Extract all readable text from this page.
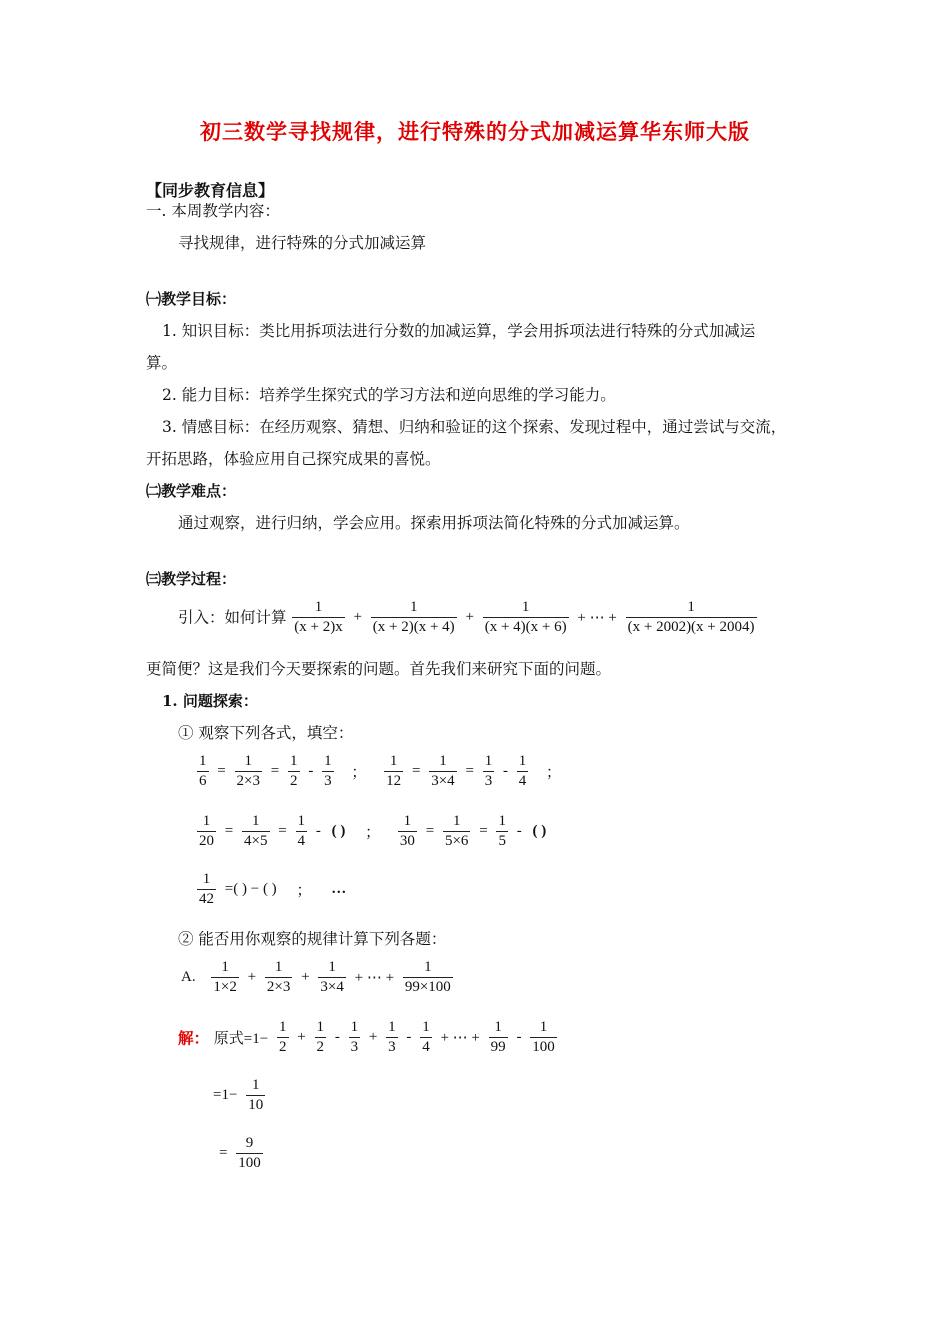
初三数学寻找规律，进行特殊的分式加减运算华东师大版
【同步教育信息】
一. 本周教学内容：
寻找规律，进行特殊的分式加减运算
㈠教学目标：
1. 知识目标：类比用拆项法进行分数的加减运算，学会用拆项法进行特殊的分式加减运
算。
2. 能力目标：培养学生探究式的学习方法和逆向思维的学习能力。
3. 情感目标：在经历观察、猜想、归纳和验证的这个探索、发现过程中，通过尝试与交流，
开拓思路，体验应用自己探究成果的喜悦。
㈡教学难点：
通过观察，进行归纳，学会应用。探索用拆项法简化特殊的分式加减运算。
㈢教学过程：
引入：如何计算 $\frac{1}{(x + 2)x} + \frac{1}{(x + 2)(x + 4)} + \frac{1}{(x + 4)(x + 6)}$ + ⋯ + $\frac{1}{(x + 2002)(x + 2004)}$
更简便？这是我们今天要探索的问题。首先我们来研究下面的问题。
1. 问题探索：
① 观察下列各式，填空：
$\frac{1}{6} = \frac{1}{2\times 3} = \frac{1}{2} - \frac{1}{3}$ ； $\frac{1}{12} = \frac{1}{3\times 4} = \frac{1}{3} - \frac{1}{4}$ ；
$\frac{1}{20} = \frac{1}{4\times 5} = \frac{1}{4}$ - ( ) ； $\frac{1}{30} = \frac{1}{5\times 6} = \frac{1}{5}$ - ( )
$\frac{1}{42}$ =( ) − ( ) ； …
② 能否用你观察的规律计算下列各题：
A. $\frac{1}{1\times 2} + \frac{1}{2\times 3} + \frac{1}{3\times 4}$ + ⋯ + $\frac{1}{99\times 100}$
解： 原式$=1- \frac{1}{2} + \frac{1}{2} - \frac{1}{3} + \frac{1}{3} - \frac{1}{4}$ + ⋯ + $\frac{1}{99} - \frac{1}{100}$
$=1- \frac{1}{10}$
= $\frac{9}{100}$
